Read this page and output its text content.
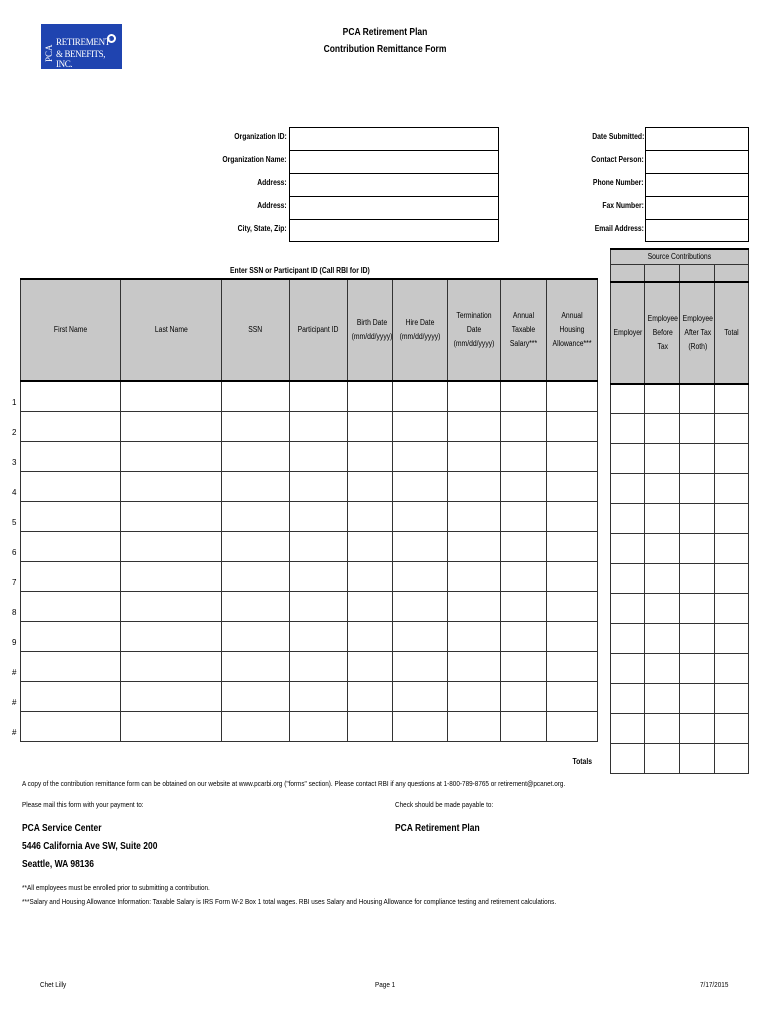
PCA
RETIREMENT
& BENEFITS, INC.
PCA Retirement Plan
Contribution Remittance Form
Organization ID:	Date Submitted:
Organization Name:	Contact Person:
Address:	Phone Number:
Address:	Fax Number:
City, State, Zip:	Email Address:
Enter SSN or Participant ID (Call RBI for ID)
First Name	Last Name	SSN	Participant ID	Birth Date (mm/dd/yyyy)	Hire Date (mm/dd/yyyy)	Termination Date (mm/dd/yyyy)	Annual Taxable Salary***	Annual Housing Allowance***

Source Contributions			

Employer	Employee Before Tax	Employee After Tax (Roth)	Total

1
2
3
4
5
6
7
8
9
#
#
#
Totals
A copy of the contribution remittance form can be obtained on our website at www.pcarbi.org ("forms" section). Please contact RBI if any questions at 1-800-789-8765 or retirement@pcanet.org.
Please mail this form with your payment to:	Check should be made payable to:
PCA Service Center
5446 California Ave SW, Suite 200
Seattle, WA 98136
PCA Retirement Plan
**All employees must be enrolled prior to submitting a contribution.
***Salary and Housing Allowance Information: Taxable Salary is IRS Form W-2 Box 1 total wages. RBI uses Salary and Housing Allowance for compliance testing and retirement calculations.
Chet Lilly	Page 1	7/17/2015
